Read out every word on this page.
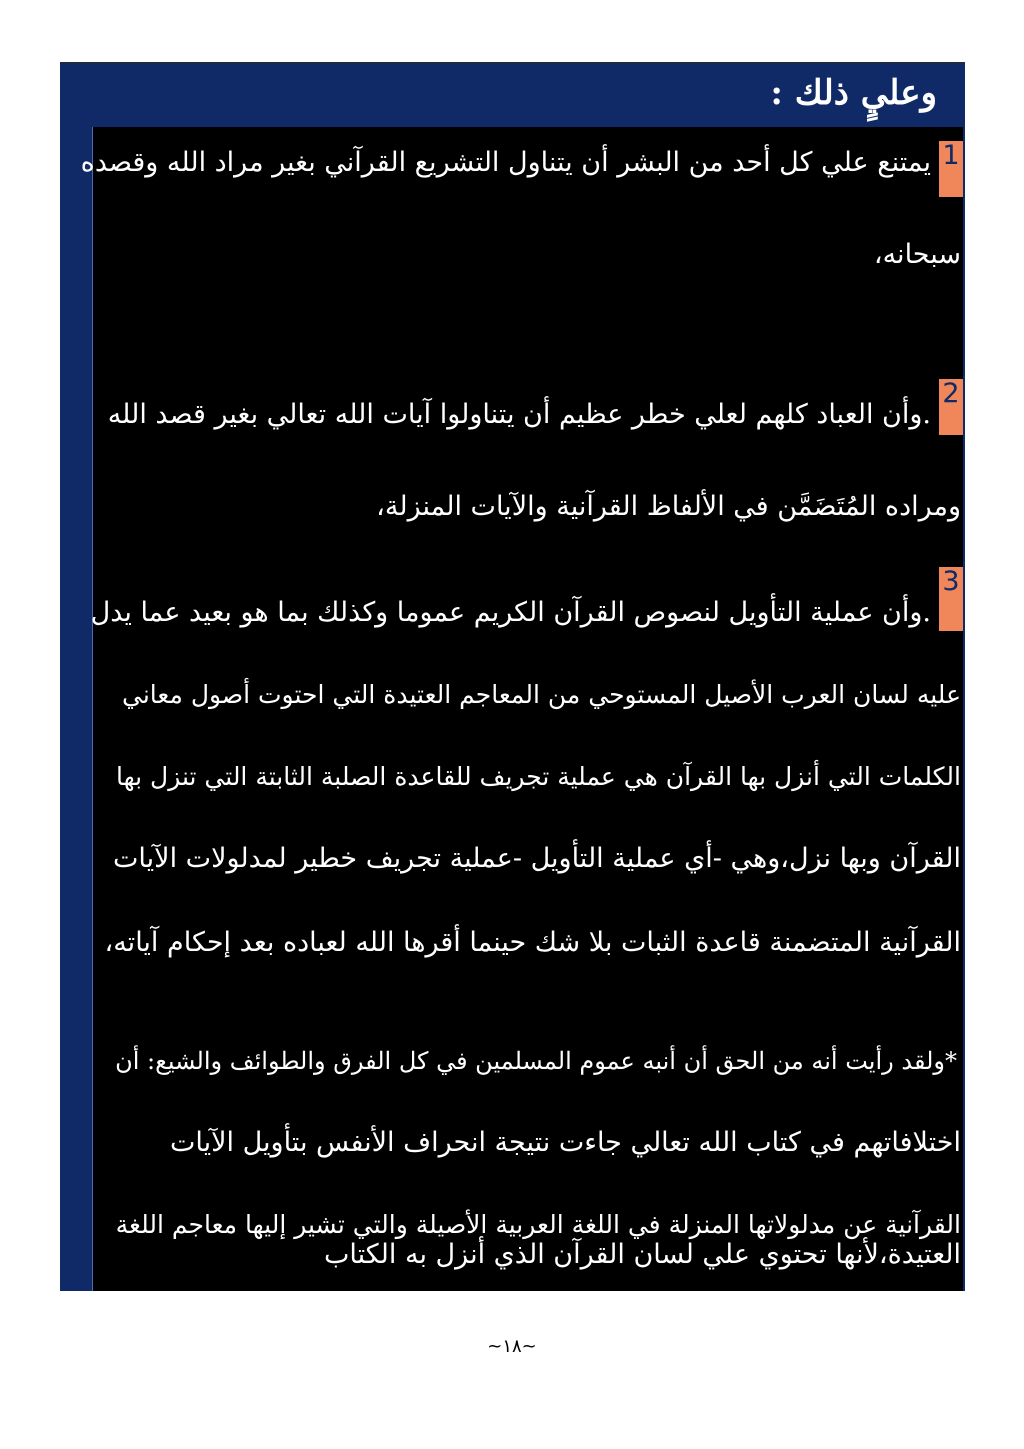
وعليٍ ذلك :
1
يمتنع علي كل أحد من البشر أن يتناول التشريع القرآني بغير مراد الله وقصده
سبحانه،
2
.وأن العباد كلهم لعلي خطر عظيم أن يتناولوا آيات الله تعالي بغير قصد الله
ومراده المُتَضَمَّن في الألفاظ القرآنية والآيات المنزلة،
3
.وأن عملية التأويل لنصوص القرآن الكريم عموما وكذلك بما هو بعيد عما يدل
عليه لسان العرب الأصيل المستوحي من المعاجم العتيدة التي احتوت أصول معاني
الكلمات التي أنزل بها القرآن هي عملية تجريف للقاعدة الصلبة الثابتة التي تنزل بها
القرآن وبها نزل،وهي -أي عملية التأويل -عملية تجريف خطير لمدلولات الآيات
القرآنية المتضمنة قاعدة الثبات بلا شك حينما أقرها الله لعباده بعد إحكام آياته،
*ولقد رأيت أنه من الحق أن أنبه عموم المسلمين في كل الفرق والطوائف والشيع: أن
اختلافاتهم في كتاب الله تعالي جاءت نتيجة انحراف الأنفس بتأويل الآيات
القرآنية عن مدلولاتها المنزلة في اللغة العربية الأصيلة والتي تشير إليها معاجم اللغة
العتيدة،لأنها تحتوي علي لسان القرآن الذي أنزل به الكتاب
~١٨~
